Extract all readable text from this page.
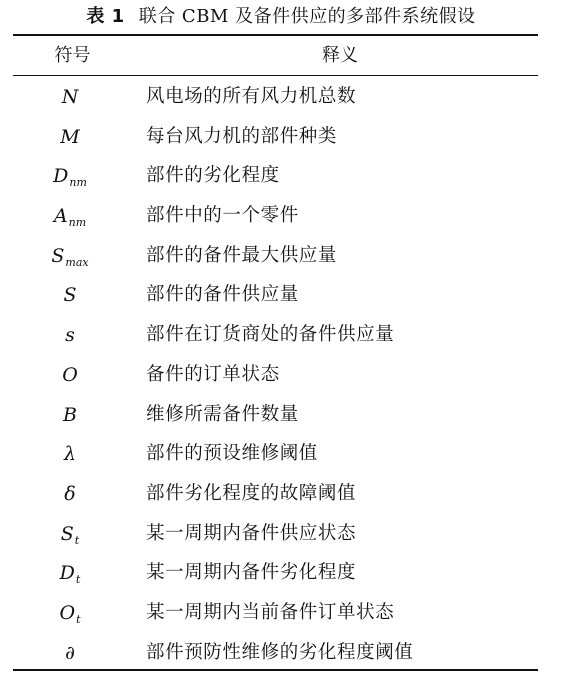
表 1 联合 CBM 及备件供应的多部件系统假设
符号	释义
N	风电场的所有风力机总数
M	每台风力机的部件种类
$D_{nm}$	部件的劣化程度
$A_{nm}$	部件中的一个零件
$S_{max}$	部件的备件最大供应量
S	部件的备件供应量
s	部件在订货商处的备件供应量
O	备件的订单状态
B	维修所需备件数量
λ	部件的预设维修阈值
δ	部件劣化程度的故障阈值
$S_t$	某一周期内备件供应状态
$D_t$	某一周期内备件劣化程度
$O_t$	某一周期内当前备件订单状态
∂	部件预防性维修的劣化程度阈值
